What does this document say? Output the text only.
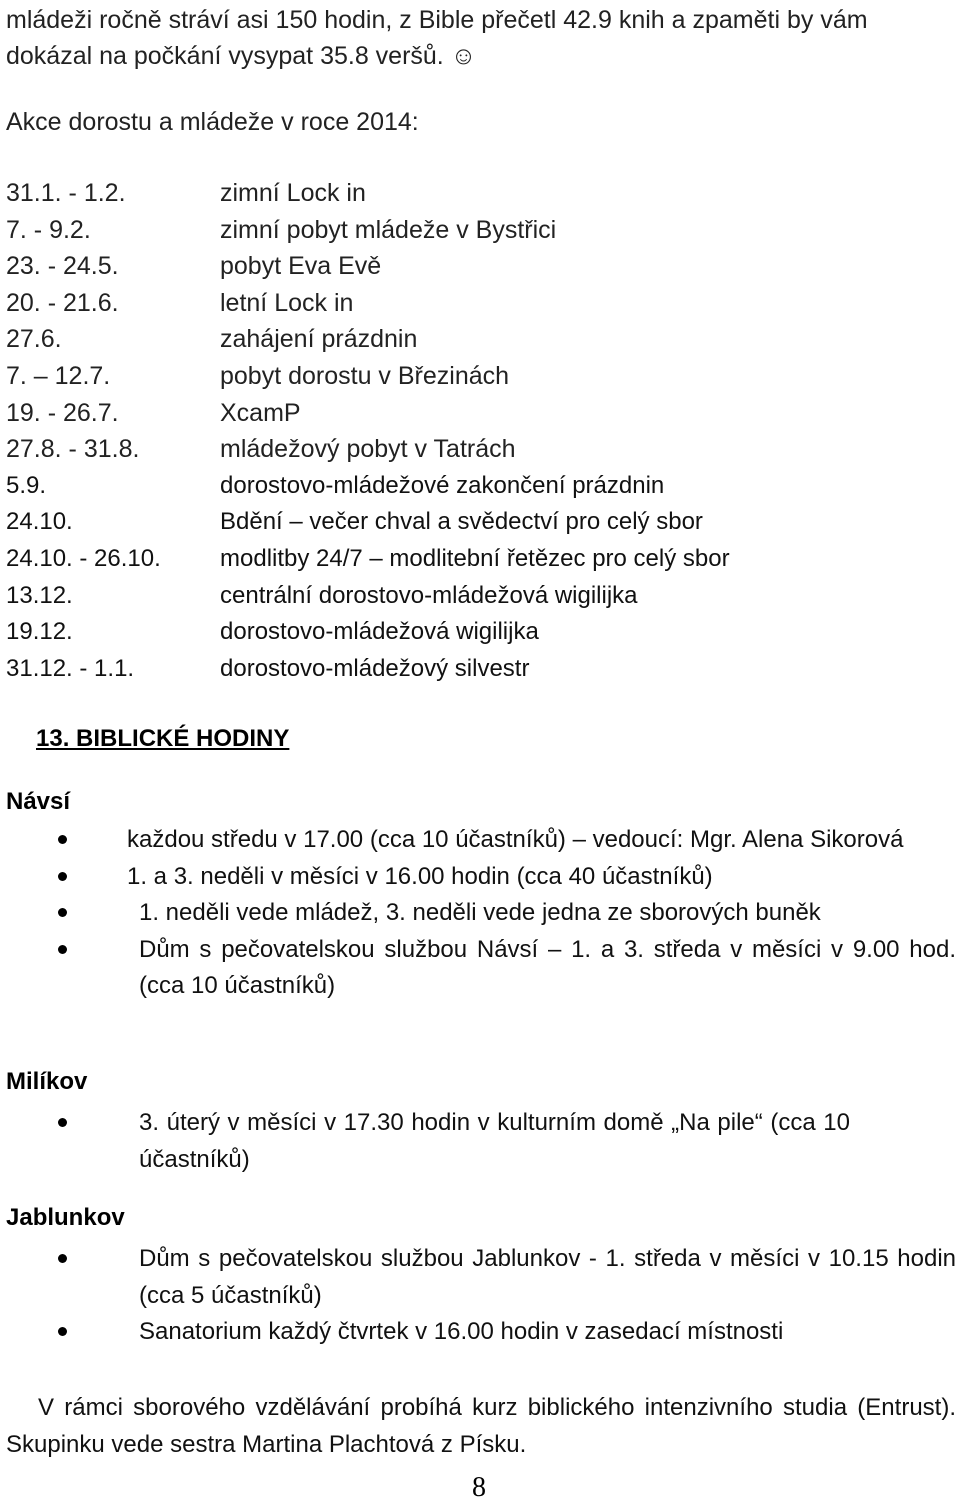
mládeži ročně stráví asi 150 hodin, z Bible přečetl 42.9 knih a zpaměti by vám dokázal na počkání vysypat 35.8 veršů. ☺
Akce dorostu a mládeže v roce 2014:
31.1. - 1.2.	zimní Lock in
7. - 9.2.	zimní pobyt mládeže v Bystřici
23. - 24.5.	pobyt Eva Evě
20. - 21.6.	letní Lock in
27.6.	zahájení prázdnin
7. – 12.7.	pobyt dorostu v Březinách
19. - 26.7.	XcamP
27.8. - 31.8.	mládežový pobyt v Tatrách
5.9.	dorostovo-mládežové zakončení prázdnin
24.10.	Bdění – večer chval a svědectví pro celý sbor
24.10. - 26.10. modlitby 24/7 – modlitební řetězec pro celý sbor
13.12.	centrální dorostovo-mládežová wigilijka
19.12.	dorostovo-mládežová wigilijka
31.12. - 1.1.	dorostovo-mládežový silvestr
13. BIBLICKÉ HODINY
Návsí
každou středu v 17.00 (cca 10 účastníků) – vedoucí: Mgr. Alena Sikorová
1. a 3. neděli v měsíci v 16.00 hodin (cca 40 účastníků)
1. neděli vede mládež, 3. neděli vede jedna ze sborových buněk
Dům s pečovatelskou službou Návsí – 1. a 3. středa v měsíci v 9.00 hod. (cca 10 účastníků)
Milíkov
3. úterý v měsíci v 17.30 hodin v kulturním domě „Na pile“ (cca 10 účastníků)
Jablunkov
Dům s pečovatelskou službou Jablunkov - 1. středa v měsíci v 10.15 hodin (cca 5 účastníků)
Sanatorium každý čtvrtek v 16.00 hodin v zasedací místnosti
V rámci sborového vzdělávání probíhá kurz biblického intenzivního studia (Entrust). Skupinku vede sestra Martina Plachtová z Písku.
8
